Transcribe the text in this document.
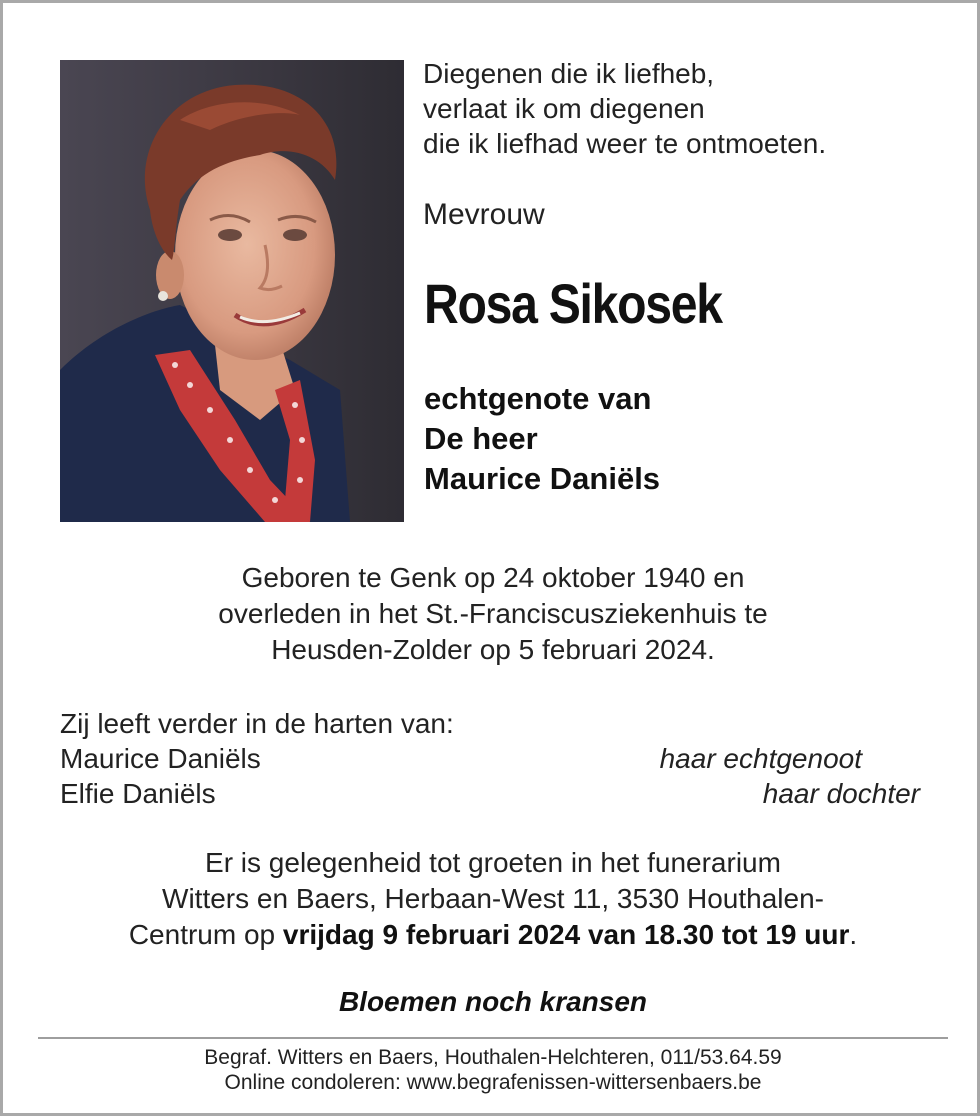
Diegenen die ik liefheb,
verlaat ik om diegenen
die ik liefhad weer te ontmoeten.
Mevrouw
Rosa Sikosek
echtgenote van
De heer
Maurice Daniëls
Geboren te Genk op 24 oktober 1940 en
overleden in het St.-Franciscusziekenhuis te
Heusden-Zolder op 5 februari 2024.
Zij leeft verder in de harten van:
Maurice Daniëls	haar echtgenoot
Elfie Daniëls	haar dochter
Er is gelegenheid tot groeten in het funerarium
Witters en Baers, Herbaan-West 11, 3530 Houthalen-
Centrum op vrijdag 9 februari 2024 van 18.30 tot 19 uur.
Bloemen noch kransen
Begraf. Witters en Baers, Houthalen-Helchteren, 011/53.64.59
Online condoleren: www.begrafenissen-wittersenbaers.be
